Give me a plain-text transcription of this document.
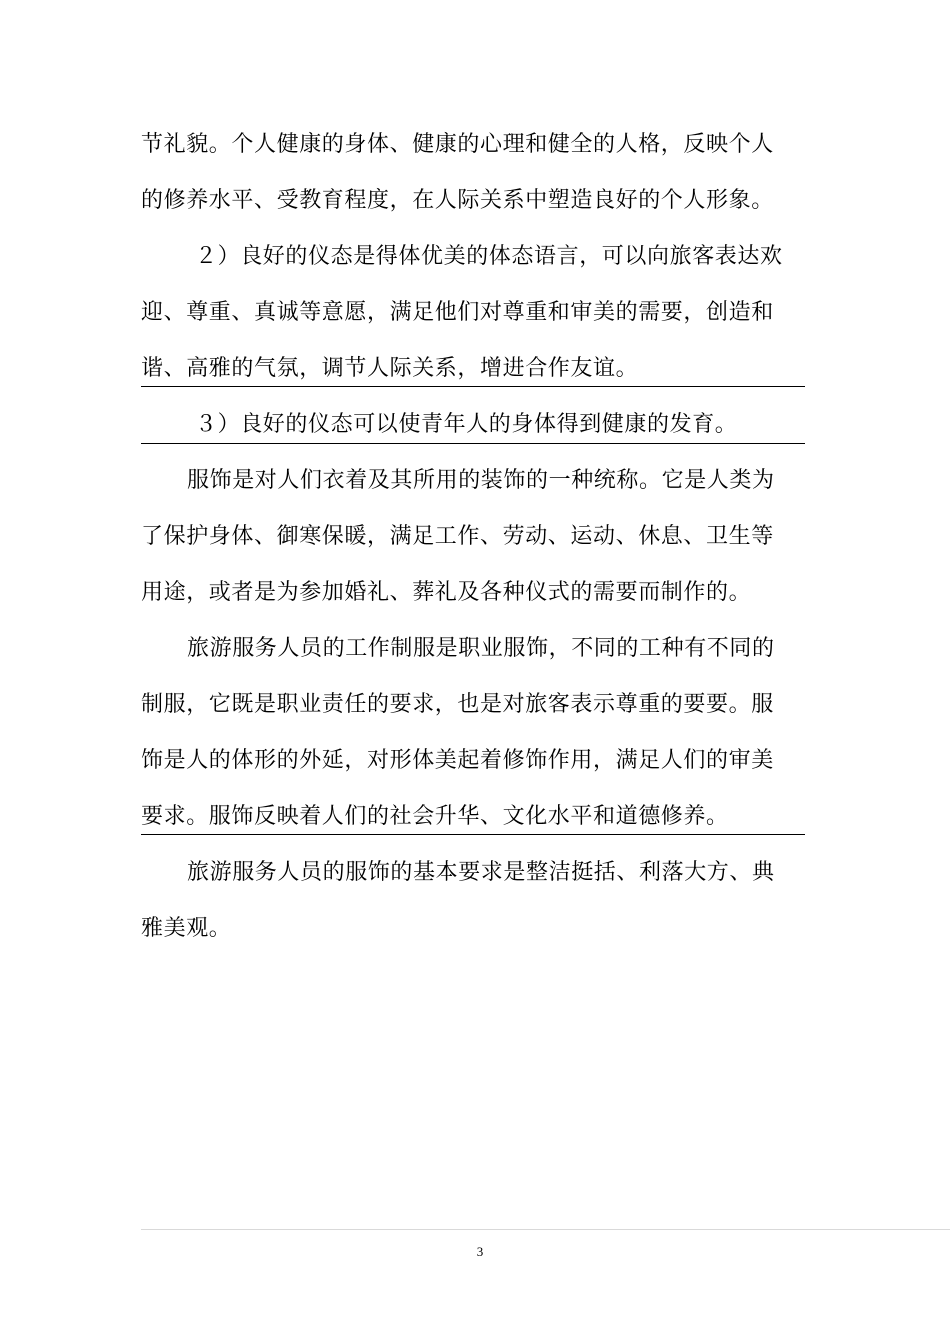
节礼貌。个人健康的身体、健康的心理和健全的人格，反映个人
的修养水平、受教育程度，在人际关系中塑造良好的个人形象。
２）良好的仪态是得体优美的体态语言，可以向旅客表达欢
迎、尊重、真诚等意愿，满足他们对尊重和审美的需要，创造和
谐、高雅的气氛，调节人际关系，增进合作友谊。
３）良好的仪态可以使青年人的身体得到健康的发育。
服饰是对人们衣着及其所用的装饰的一种统称。它是人类为
了保护身体、御寒保暖，满足工作、劳动、运动、休息、卫生等
用途，或者是为参加婚礼、葬礼及各种仪式的需要而制作的。
旅游服务人员的工作制服是职业服饰，不同的工种有不同的
制服，它既是职业责任的要求，也是对旅客表示尊重的要要。服
饰是人的体形的外延，对形体美起着修饰作用，满足人们的审美
要求。服饰反映着人们的社会升华、文化水平和道德修养。
旅游服务人员的服饰的基本要求是整洁挺括、利落大方、典
雅美观。
3
